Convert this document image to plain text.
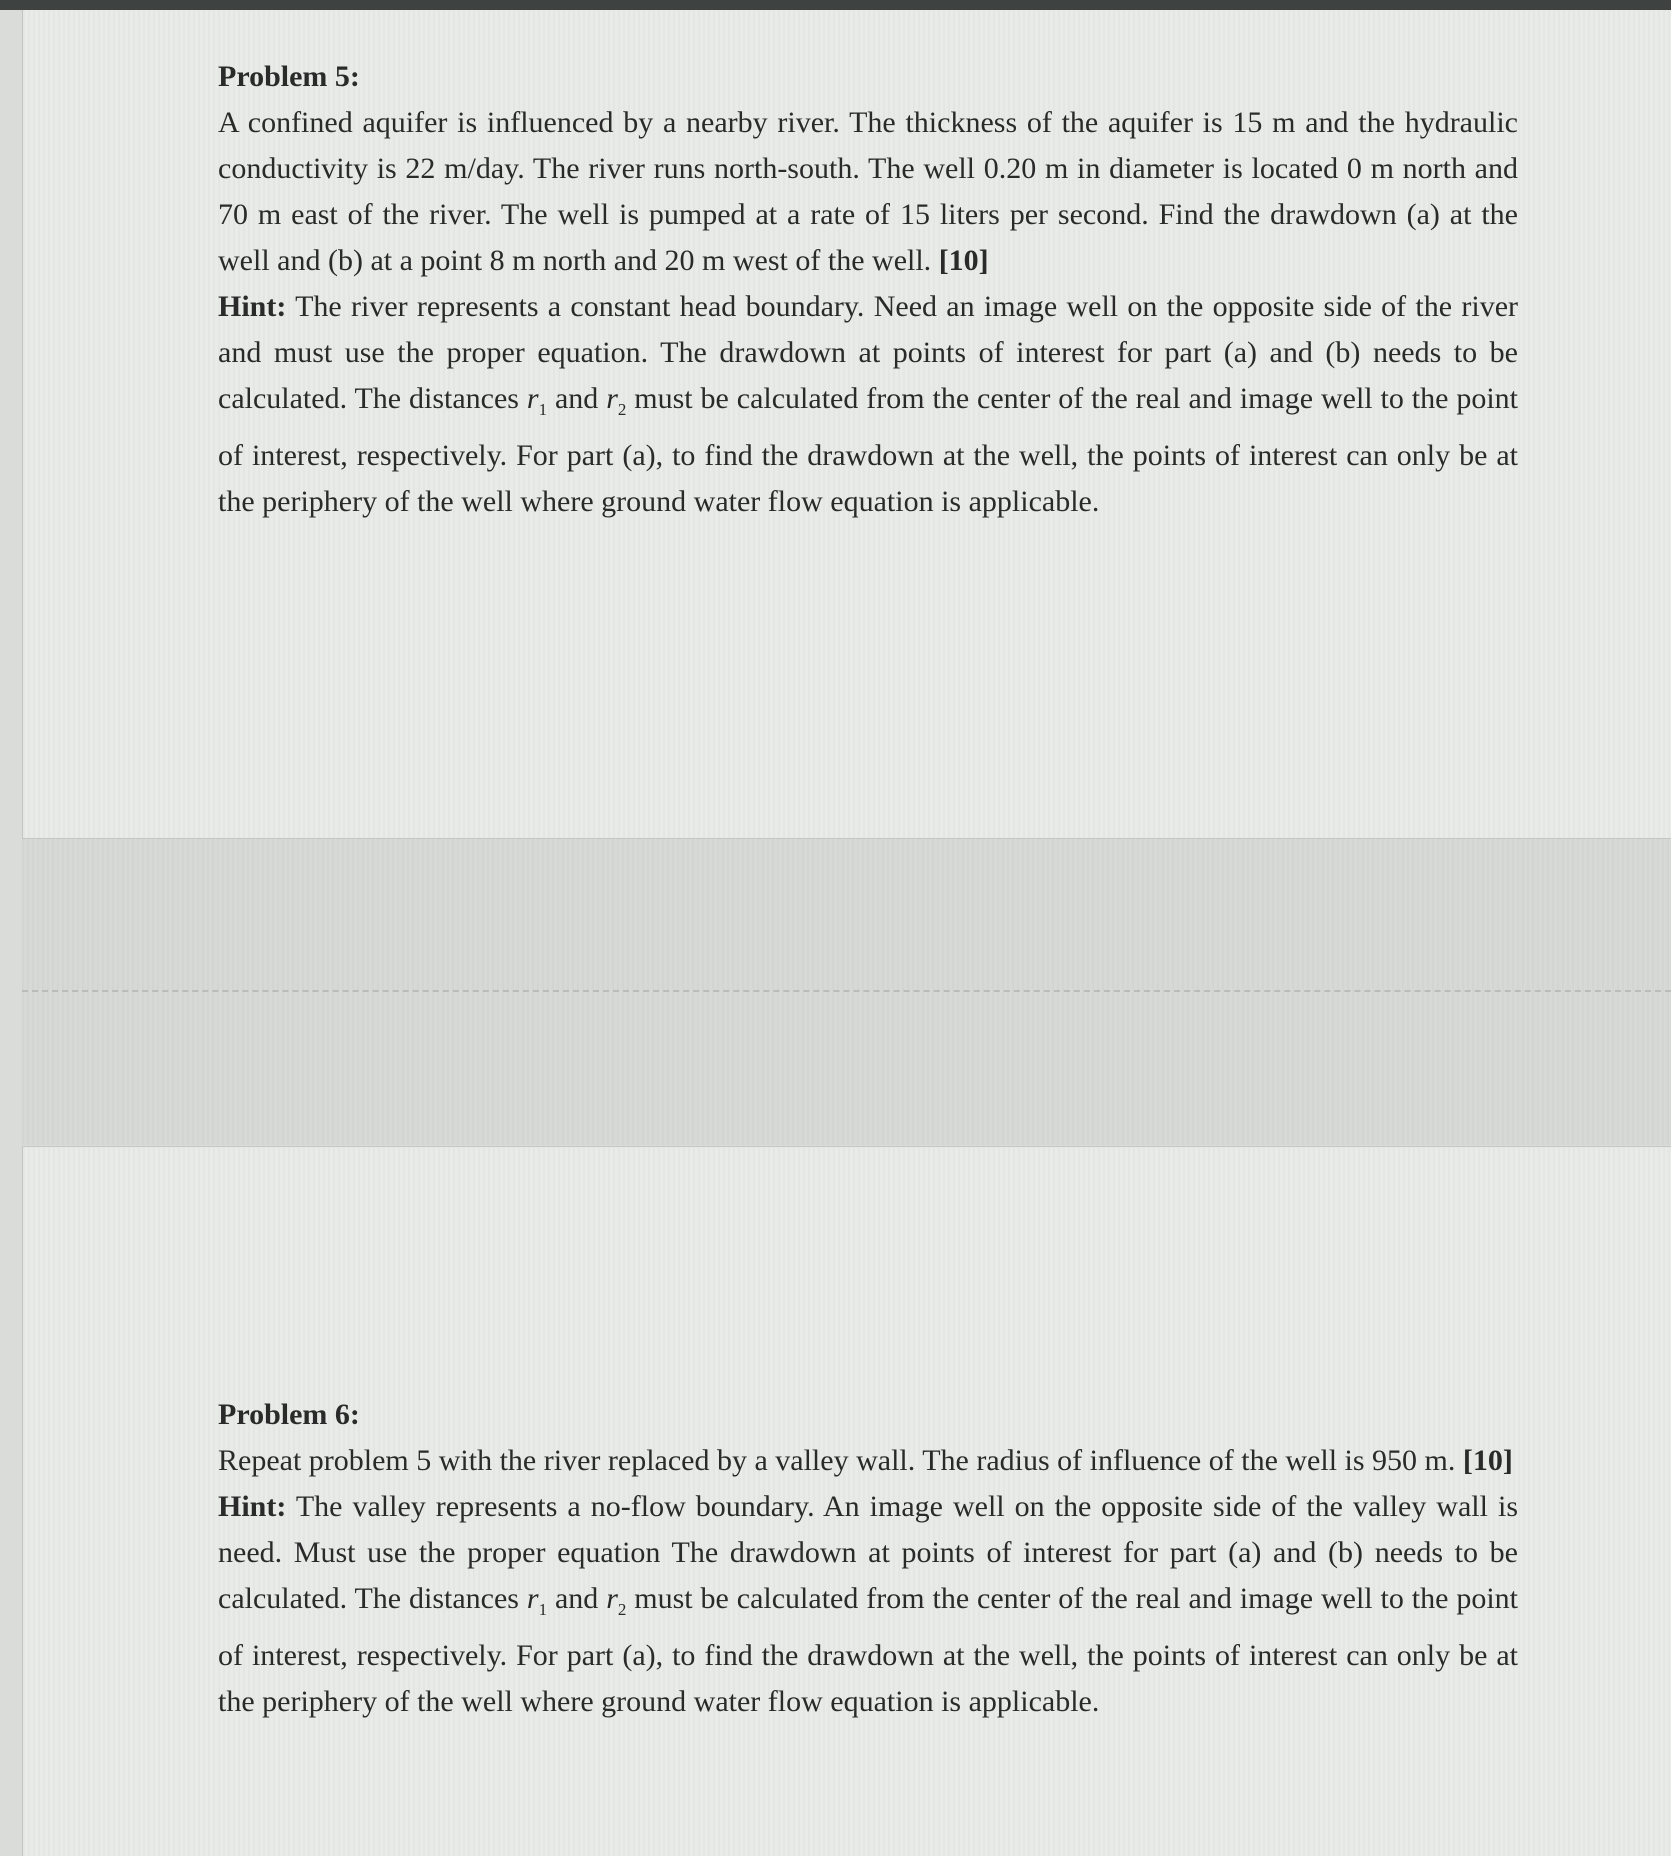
Problem 5:
A confined aquifer is influenced by a nearby river. The thickness of the aquifer is 15 m and the hydraulic conductivity is 22 m/day. The river runs north-south. The well 0.20 m in diameter is located 0 m north and 70 m east of the river. The well is pumped at a rate of 15 liters per second. Find the drawdown (a) at the well and (b) at a point 8 m north and 20 m west of the well. [10]
Hint: The river represents a constant head boundary. Need an image well on the opposite side of the river and must use the proper equation. The drawdown at points of interest for part (a) and (b) needs to be calculated. The distances $r_1$ and $r_2$ must be calculated from the center of the real and image well to the point of interest, respectively. For part (a), to find the drawdown at the well, the points of interest can only be at the periphery of the well where ground water flow equation is applicable.
Problem 6:
Repeat problem 5 with the river replaced by a valley wall. The radius of influence of the well is 950 m. [10]
Hint: The valley represents a no-flow boundary. An image well on the opposite side of the valley wall is need. Must use the proper equation The drawdown at points of interest for part (a) and (b) needs to be calculated. The distances $r_1$ and $r_2$ must be calculated from the center of the real and image well to the point of interest, respectively. For part (a), to find the drawdown at the well, the points of interest can only be at the periphery of the well where ground water flow equation is applicable.
